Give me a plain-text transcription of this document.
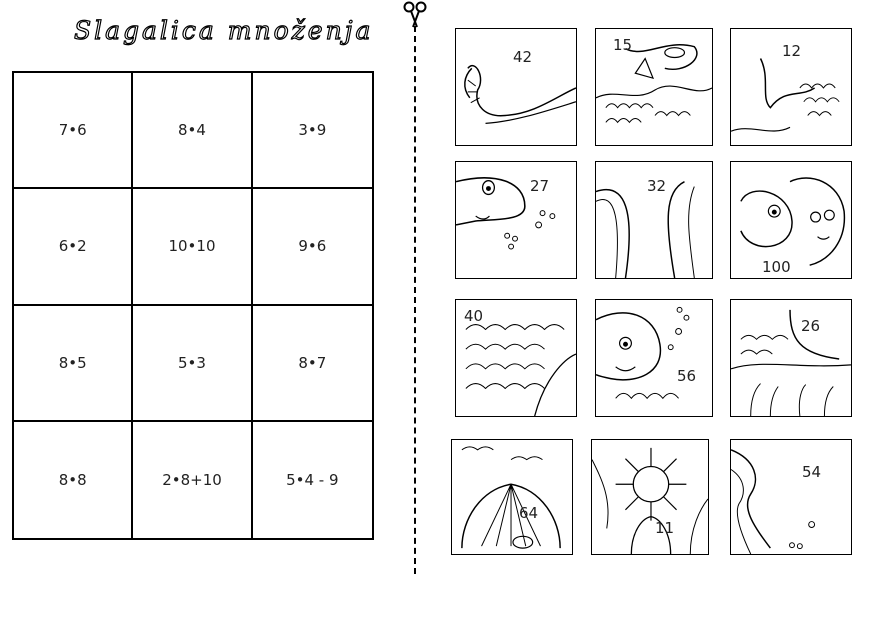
Slagalica množenja
7•6	8•4	3•9
6•2	10•10	9•6
8•5	5•3	8•7
8•8	2•8+10	5•4 - 9
42
15	12
27	32
100
40
56
26
64
11
54
